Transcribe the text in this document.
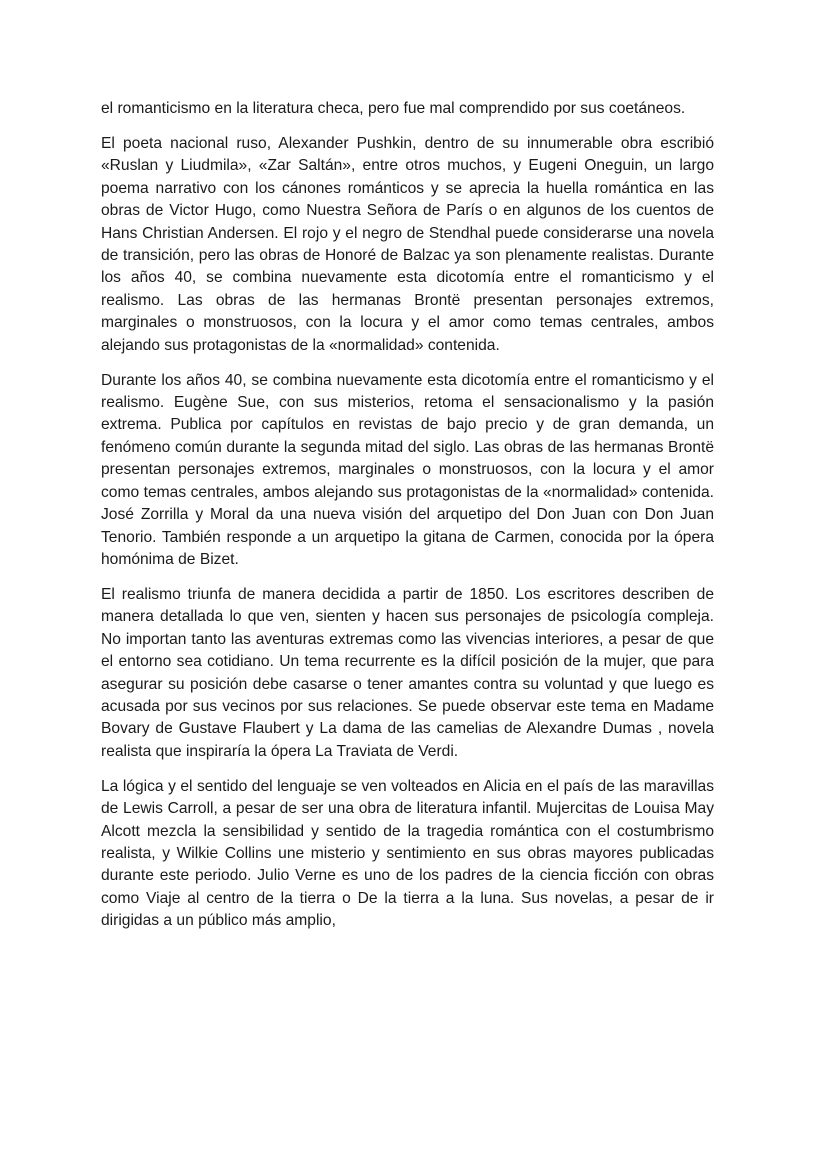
el romanticismo en la literatura checa, pero fue mal comprendido por sus coetáneos.

El poeta nacional ruso, Alexander Pushkin, dentro de su innumerable obra escribió «Ruslan y Liudmila», «Zar Saltán», entre otros muchos, y Eugeni Oneguin, un largo poema narrativo con los cánones románticos y se aprecia la huella romántica en las obras de Victor Hugo, como Nuestra Señora de París o en algunos de los cuentos de Hans Christian Andersen. El rojo y el negro de Stendhal puede considerarse una novela de transición, pero las obras de Honoré de Balzac ya son plenamente realistas. Durante los años 40, se combina nuevamente esta dicotomía entre el romanticismo y el realismo. Las obras de las hermanas Brontë presentan personajes extremos, marginales o monstruosos, con la locura y el amor como temas centrales, ambos alejando sus protagonistas de la «normalidad» contenida.

Durante los años 40, se combina nuevamente esta dicotomía entre el romanticismo y el realismo. Eugène Sue, con sus misterios, retoma el sensacionalismo y la pasión extrema. Publica por capítulos en revistas de bajo precio y de gran demanda, un fenómeno común durante la segunda mitad del siglo. Las obras de las hermanas Brontë presentan personajes extremos, marginales o monstruosos, con la locura y el amor como temas centrales, ambos alejando sus protagonistas de la «normalidad» contenida. José Zorrilla y Moral da una nueva visión del arquetipo del Don Juan con Don Juan Tenorio. También responde a un arquetipo la gitana de Carmen, conocida por la ópera homónima de Bizet.

El realismo triunfa de manera decidida a partir de 1850. Los escritores describen de manera detallada lo que ven, sienten y hacen sus personajes de psicología compleja. No importan tanto las aventuras extremas como las vivencias interiores, a pesar de que el entorno sea cotidiano. Un tema recurrente es la difícil posición de la mujer, que para asegurar su posición debe casarse o tener amantes contra su voluntad y que luego es acusada por sus vecinos por sus relaciones. Se puede observar este tema en Madame Bovary de Gustave Flaubert y La dama de las camelias de Alexandre Dumas , novela realista que inspiraría la ópera La Traviata de Verdi.

La lógica y el sentido del lenguaje se ven volteados en Alicia en el país de las maravillas de Lewis Carroll, a pesar de ser una obra de literatura infantil. Mujercitas de Louisa May Alcott mezcla la sensibilidad y sentido de la tragedia romántica con el costumbrismo realista, y Wilkie Collins une misterio y sentimiento en sus obras mayores publicadas durante este periodo. Julio Verne es uno de los padres de la ciencia ficción con obras como Viaje al centro de la tierra o De la tierra a la luna. Sus novelas, a pesar de ir dirigidas a un público más amplio,
